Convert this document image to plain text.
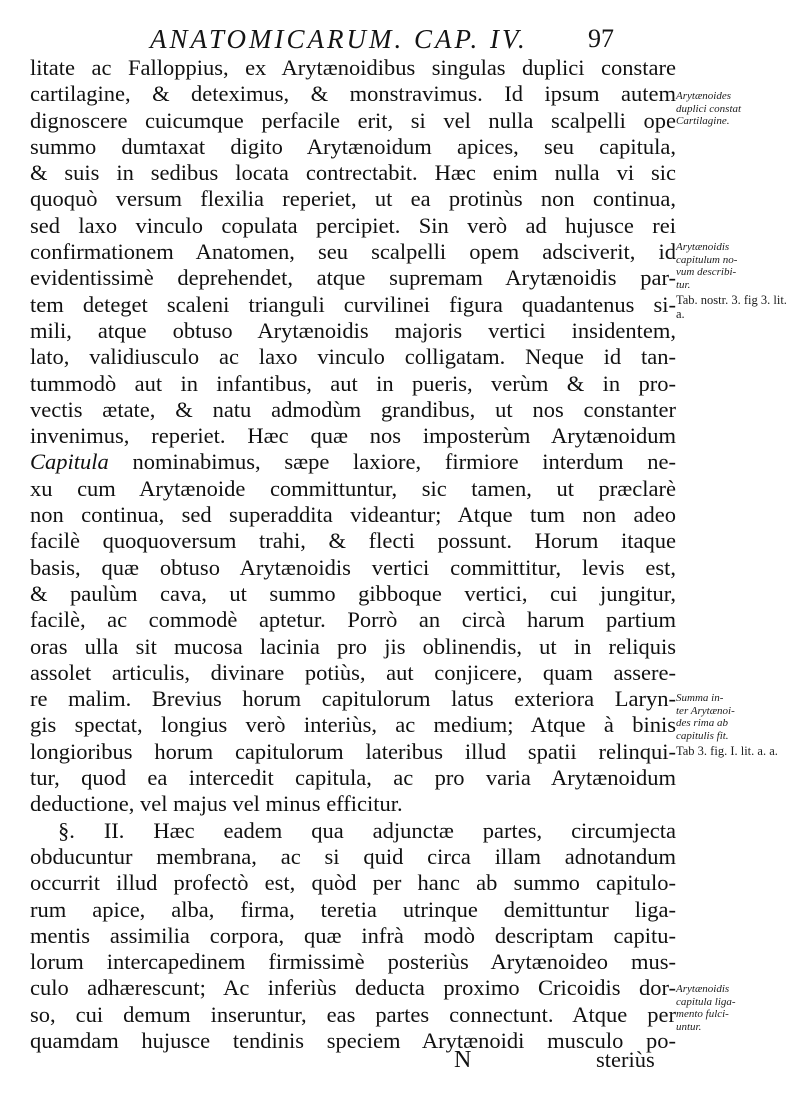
ANATOMICARUM. CAP. IV. 97
litate ac Falloppius, ex Arytænoidibus singulas duplici constare
cartilagine, & deteximus, & monstravimus. Id ipsum autem
dignoscere cuicumque perfacile erit, si vel nulla scalpelli ope
summo dumtaxat digito Arytænoidum apices, seu capitula,
& suis in sedibus locata contrectabit. Hæc enim nulla vi sic
quoquò versum flexilia reperiet, ut ea protinùs non continua,
sed laxo vinculo copulata percipiet. Sin verò ad hujusce rei
confirmationem Anatomen, seu scalpelli opem adsciverit, id
evidentissimè deprehendet, atque supremam Arytænoidis par-
tem deteget scaleni trianguli curvilinei figura quadantenus si-
mili, atque obtuso Arytænoidis majoris vertici insidentem,
lato, validiusculo ac laxo vinculo colligatam. Neque id tan-
tummodò aut in infantibus, aut in pueris, verùm & in pro-
vectis ætate, & natu admodùm grandibus, ut nos constanter
invenimus, reperiet. Hæc quæ nos imposterùm Arytænoidum
Capitula nominabimus, sæpe laxiore, firmiore interdum ne-
xu cum Arytænoide committuntur, sic tamen, ut præclarè
non continua, sed superaddita videantur; Atque tum non adeo
facilè quoquoversum trahi, & flecti possunt. Horum itaque
basis, quæ obtuso Arytænoidis vertici committitur, levis est,
& paulùm cava, ut summo gibboque vertici, cui jungitur,
facilè, ac commodè aptetur. Porrò an circà harum partium
oras ulla sit mucosa lacinia pro jis oblinendis, ut in reliquis
assolet articulis, divinare potiùs, aut conjicere, quam assere-
re malim. Brevius horum capitulorum latus exteriora Laryn-
gis spectat, longius verò interiùs, ac medium; Atque à binis
longioribus horum capitulorum lateribus illud spatii relinqui-
tur, quod ea intercedit capitula, ac pro varia Arytænoidum
deductione, vel majus vel minus efficitur.
§. II. Hæc eadem qua adjunctæ partes, circumjecta
obducuntur membrana, ac si quid circa illam adnotandum
occurrit illud profectò est, quòd per hanc ab summo capitulo-
rum apice, alba, firma, teretia utrinque demittuntur liga-
mentis assimilia corpora, quæ infrà modò descriptam capitu-
lorum intercapedinem firmissimè posteriùs Arytænoideo mus-
culo adhærescunt; Ac inferiùs deducta proximo Cricoidis dor-
so, cui demum inseruntur, eas partes connectunt. Atque per
quamdam hujusce tendinis speciem Arytænoidi musculo po-
N	steriùs
Arytænoides
duplici constat
Cartilagine.
Arytænoidis
capitulum no-
vum describi-
tur.
Tab. nostr. 3. fig 3. lit. a.
Summa in-
ter Arytænoi-
des rima ab
capitulis fit.
Tab 3. fig. I. lit. a. a.
Arytænoidis
capitula liga-
mento fulci-
untur.
